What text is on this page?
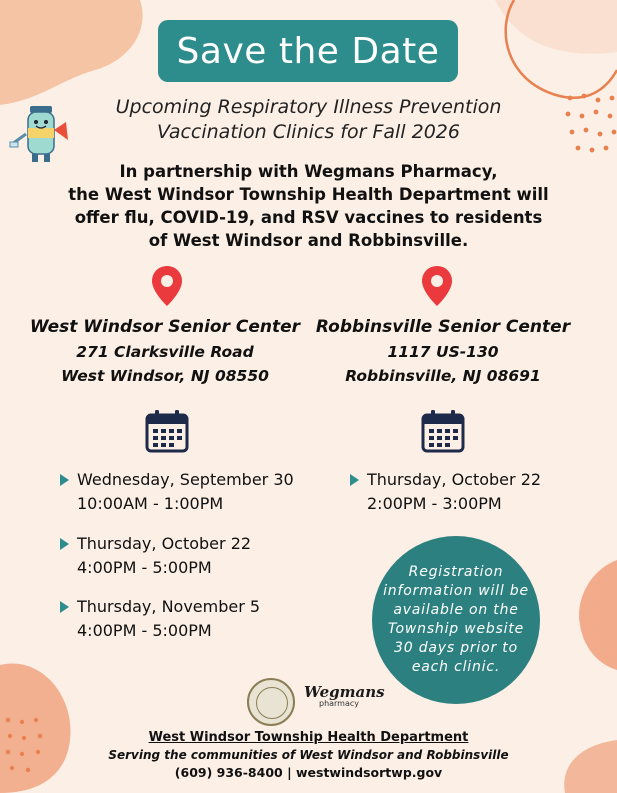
Save the Date
Upcoming Respiratory Illness Prevention
Vaccination Clinics for Fall 2026
In partnership with Wegmans Pharmacy,
the West Windsor Township Health Department will
offer flu, COVID-19, and RSV vaccines to residents
of West Windsor and Robbinsville.
West Windsor Senior Center
271 Clarksville Road
West Windsor, NJ 08550
Robbinsville Senior Center
1117 US-130
Robbinsville, NJ 08691
Wednesday, September 30
10:00AM - 1:00PM
Thursday, October 22
4:00PM - 5:00PM
Thursday, November 5
4:00PM - 5:00PM
Thursday, October 22
2:00PM - 3:00PM
Registration
information will be
available on the
Township website
30 days prior to
each clinic.
Wegmans
pharmacy
West Windsor Township Health Department
Serving the communities of West Windsor and Robbinsville
(609) 936-8400 | westwindsortwp.gov
